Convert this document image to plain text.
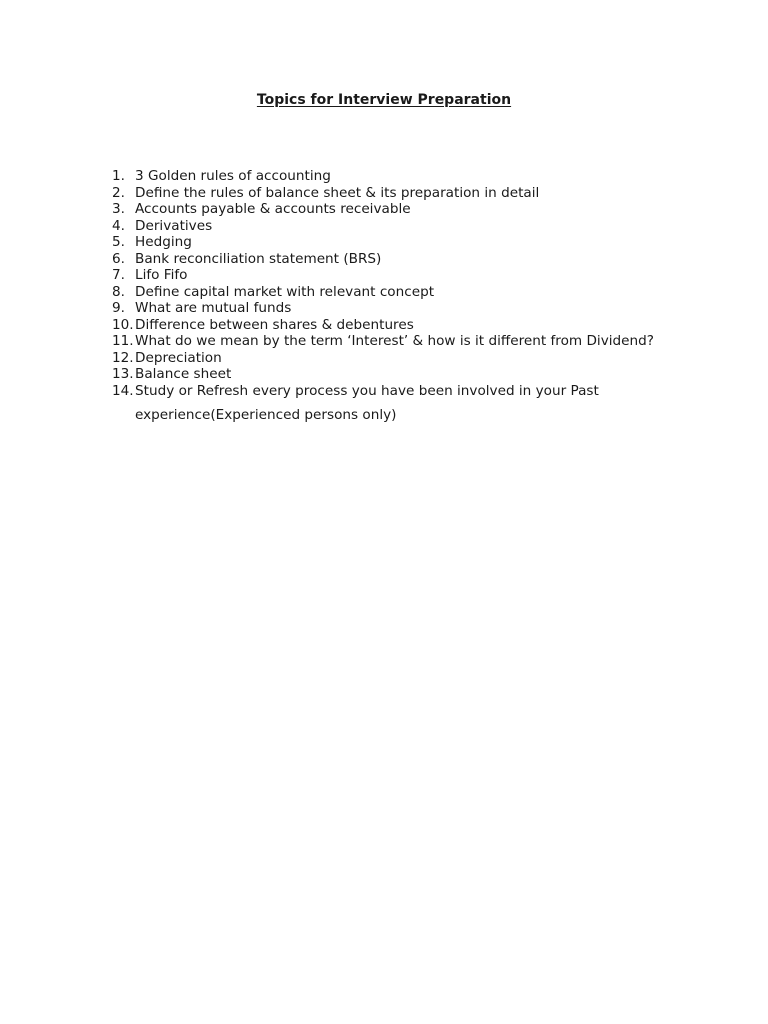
Topics for Interview Preparation
1. 3 Golden rules of accounting
2. Define the rules of balance sheet & its preparation in detail
3. Accounts payable & accounts receivable
4. Derivatives
5. Hedging
6. Bank reconciliation statement (BRS)
7. Lifo Fifo
8. Define capital market with relevant concept
9. What are mutual funds
10. Difference between shares & debentures
11. What do we mean by the term ‘Interest’ & how is it different from Dividend?
12. Depreciation
13. Balance sheet
14. Study or Refresh every process you have been involved in your Past
experience(Experienced persons only)
